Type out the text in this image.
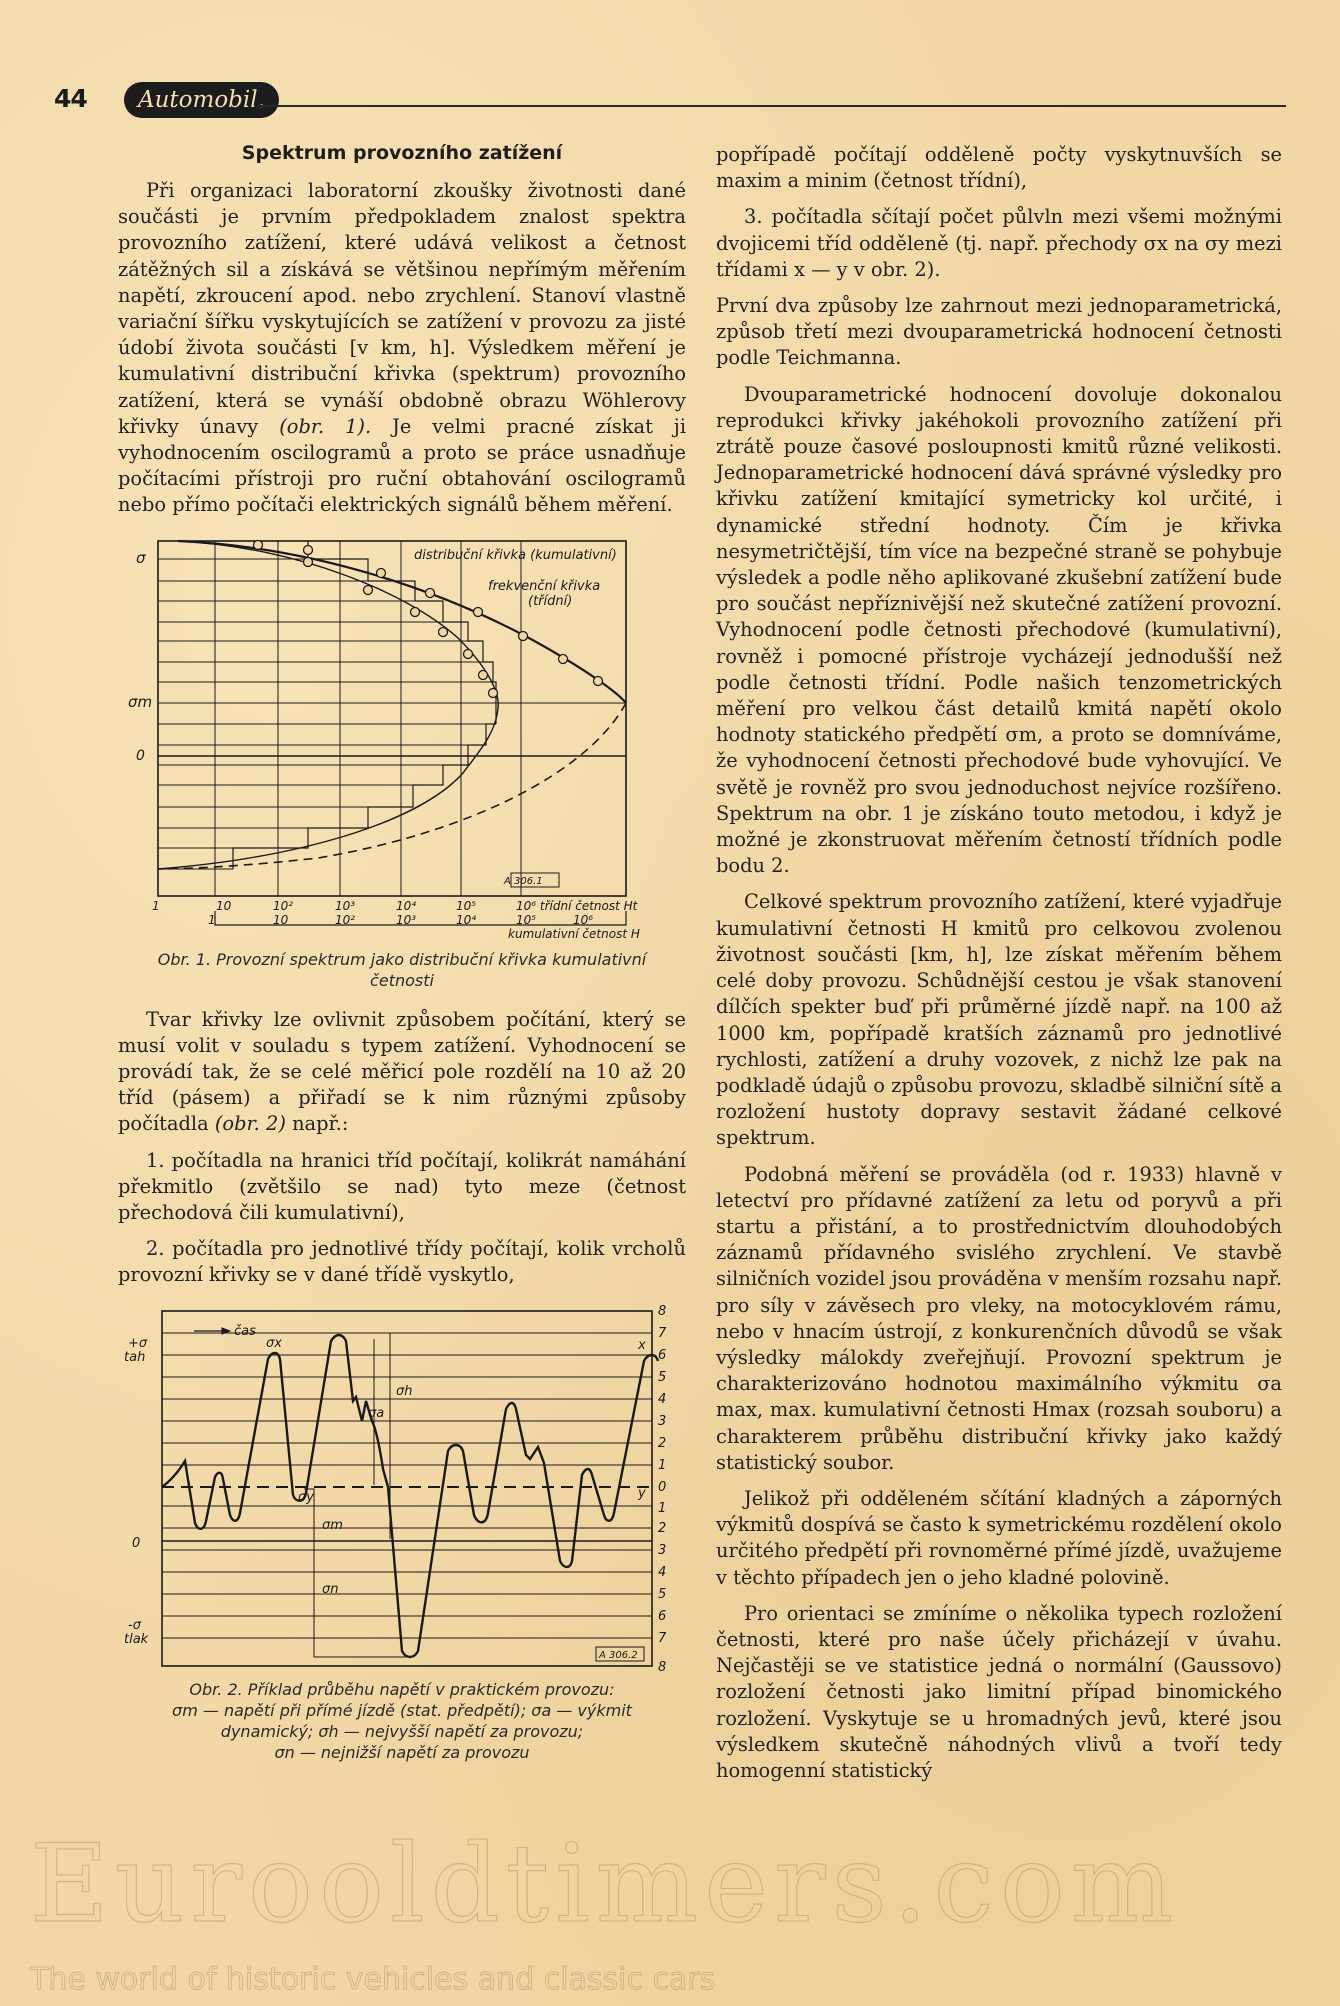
44	Automobil.
Spektrum provozního zatížení

Při organizaci laboratorní zkoušky životnosti dané součásti je prvním předpokladem znalost spektra provozního zatížení, které udává velikost a četnost zátěžných sil a získává se většinou nepřímým měřením napětí, zkroucení apod. nebo zrychlení. Stanoví vlastně variační šířku vyskytujících se zatížení v provozu za jisté údobí života součásti [v km, h]. Výsledkem měření je kumulativní distribuční křivka (spektrum) provozního zatížení, která se vynáší obdobně obrazu Wöhlerovy křivky únavy (obr. 1). Je velmi pracné získat ji vyhodnocením oscilogramů a proto se práce usnadňuje počítacími přístroji pro ruční obtahování oscilogramů nebo přímo počítači elektrických signálů během měření.

A 306.1
σ
σm
0
distribuční křivka (kumulativní)
frekvenční křivka
(třídní)
1	10	10²	10³	10⁴	10⁵	10⁶ třídní četnost Ht
1	10	10²	10³	10⁴	10⁵	10⁶
kumulativní četnost H
Obr. 1. Provozní spektrum jako distribuční křivka kumulativní četnosti

Tvar křivky lze ovlivnit způsobem počítání, který se musí volit v souladu s typem zatížení. Vyhodnocení se provádí tak, že se celé měřicí pole rozdělí na 10 až 20 tříd (pásem) a přiřadí se k nim různými způsoby počítadla (obr. 2) např.:

1. počítadla na hranici tříd počítají, kolikrát namáhání překmitlo (zvětšilo se nad) tyto meze (četnost přechodová čili kumulativní),

2. počítadla pro jednotlivé třídy počítají, kolik vrcholů provozní křivky se v dané třídě vyskytlo,

čas
σx
σy
σa
σh
σm
σn
x
y
+σ
tah
0
-σ
tlak
A 306.2
8
7
6
5
4
3
2
1
0
1
2
3
4
5
6
7
8
Obr. 2. Příklad průběhu napětí v praktickém provozu:
σm — napětí při přímé jízdě (stat. předpětí); σa — výkmit dynamický; σh — nejvyšší napětí za provozu;
σn — nejnižší napětí za provozu

popřípadě počítají odděleně počty vyskytnuvších se maxim a minim (četnost třídní),

3. počítadla sčítají počet půlvln mezi všemi možnými dvojicemi tříd odděleně (tj. např. přechody σx na σy mezi třídami x — y v obr. 2).

První dva způsoby lze zahrnout mezi jednoparametrická, způsob třetí mezi dvouparametrická hodnocení četnosti podle Teichmanna.

Dvouparametrické hodnocení dovoluje dokonalou reprodukci křivky jakéhokoli provozního zatížení při ztrátě pouze časové posloupnosti kmitů různé velikosti. Jednoparametrické hodnocení dává správné výsledky pro křivku zatížení kmitající symetricky kol určité, i dynamické střední hodnoty. Čím je křivka nesymetričtější, tím více na bezpečné straně se pohybuje výsledek a podle něho aplikované zkušební zatížení bude pro součást nepříznivější než skutečné zatížení provozní. Vyhodnocení podle četnosti přechodové (kumulativní), rovněž i pomocné přístroje vycházejí jednodušší než podle četnosti třídní. Podle našich tenzometrických měření pro velkou část detailů kmitá napětí okolo hodnoty statického předpětí σm, a proto se domníváme, že vyhodnocení četnosti přechodové bude vyhovující. Ve světě je rovněž pro svou jednoduchost nejvíce rozšířeno. Spektrum na obr. 1 je získáno touto metodou, i když je možné je zkonstruovat měřením četností třídních podle bodu 2.

Celkové spektrum provozního zatížení, které vyjadřuje kumulativní četnosti H kmitů pro celkovou zvolenou životnost součásti [km, h], lze získat měřením během celé doby provozu. Schůdnější cestou je však stanovení dílčích spekter buď při průměrné jízdě např. na 100 až 1000 km, popřípadě kratších záznamů pro jednotlivé rychlosti, zatížení a druhy vozovek, z nichž lze pak na podkladě údajů o způsobu provozu, skladbě silniční sítě a rozložení hustoty dopravy sestavit žádané celkové spektrum.

Podobná měření se prováděla (od r. 1933) hlavně v letectví pro přídavné zatížení za letu od poryvů a při startu a přistání, a to prostřednictvím dlouhodobých záznamů přídavného svislého zrychlení. Ve stavbě silničních vozidel jsou prováděna v menším rozsahu např. pro síly v závěsech pro vleky, na motocyklovém rámu, nebo v hnacím ústrojí, z konkurenčních důvodů se však výsledky málokdy zveřejňují. Provozní spektrum je charakterizováno hodnotou maximálního výkmitu σa max, max. kumulativní četnosti Hmax (rozsah souboru) a charakterem průběhu distribuční křivky jako každý statistický soubor.

Jelikož při odděleném sčítání kladných a záporných výkmitů dospívá se často k symetrickému rozdělení okolo určitého předpětí při rovnoměrné přímé jízdě, uvažujeme v těchto případech jen o jeho kladné polovině.

Pro orientaci se zmíníme o několika typech rozložení četnosti, které pro naše účely přicházejí v úvahu. Nejčastěji se ve statistice jedná o normální (Gaussovo) rozložení četnosti jako limitní případ binomického rozložení. Vyskytuje se u hromadných jevů, které jsou výsledkem skutečně náhodných vlivů a tvoří tedy homogenní statistický

Eurooldtimers.com
The world of historic vehicles and classic cars
